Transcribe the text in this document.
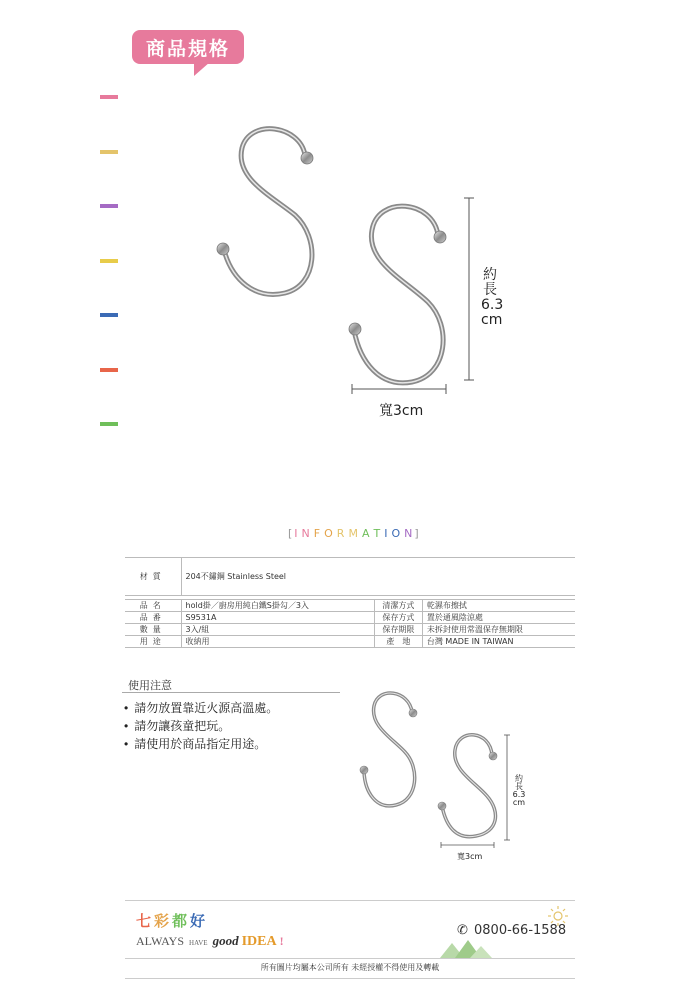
商品規格
約
長
6.3
cm
寬3cm
[ I N F O R M A T I O N ]
材質	204不鏽鋼 Stainless Steel		

品名	hold掛／廚房用純白鐵S掛勾／3入	清潔方式	乾濕布擦拭
品番	S9531A	保存方式	置於通風陰涼處
數量	3入/組	保存期限	未拆封使用常溫保存無期限
用途	收納用	產　地	台灣 MADE IN TAIWAN
使用注意
• 請勿放置靠近火源高溫處。
• 請勿讓孩童把玩。
• 請使用於商品指定用途。
約
長
6.3
cm
寬3cm
七彩都好
ALWAYS HAVE good IDEA !
✆ 0800-66-1588
所有圖片均屬本公司所有 未經授權不得使用及轉載
